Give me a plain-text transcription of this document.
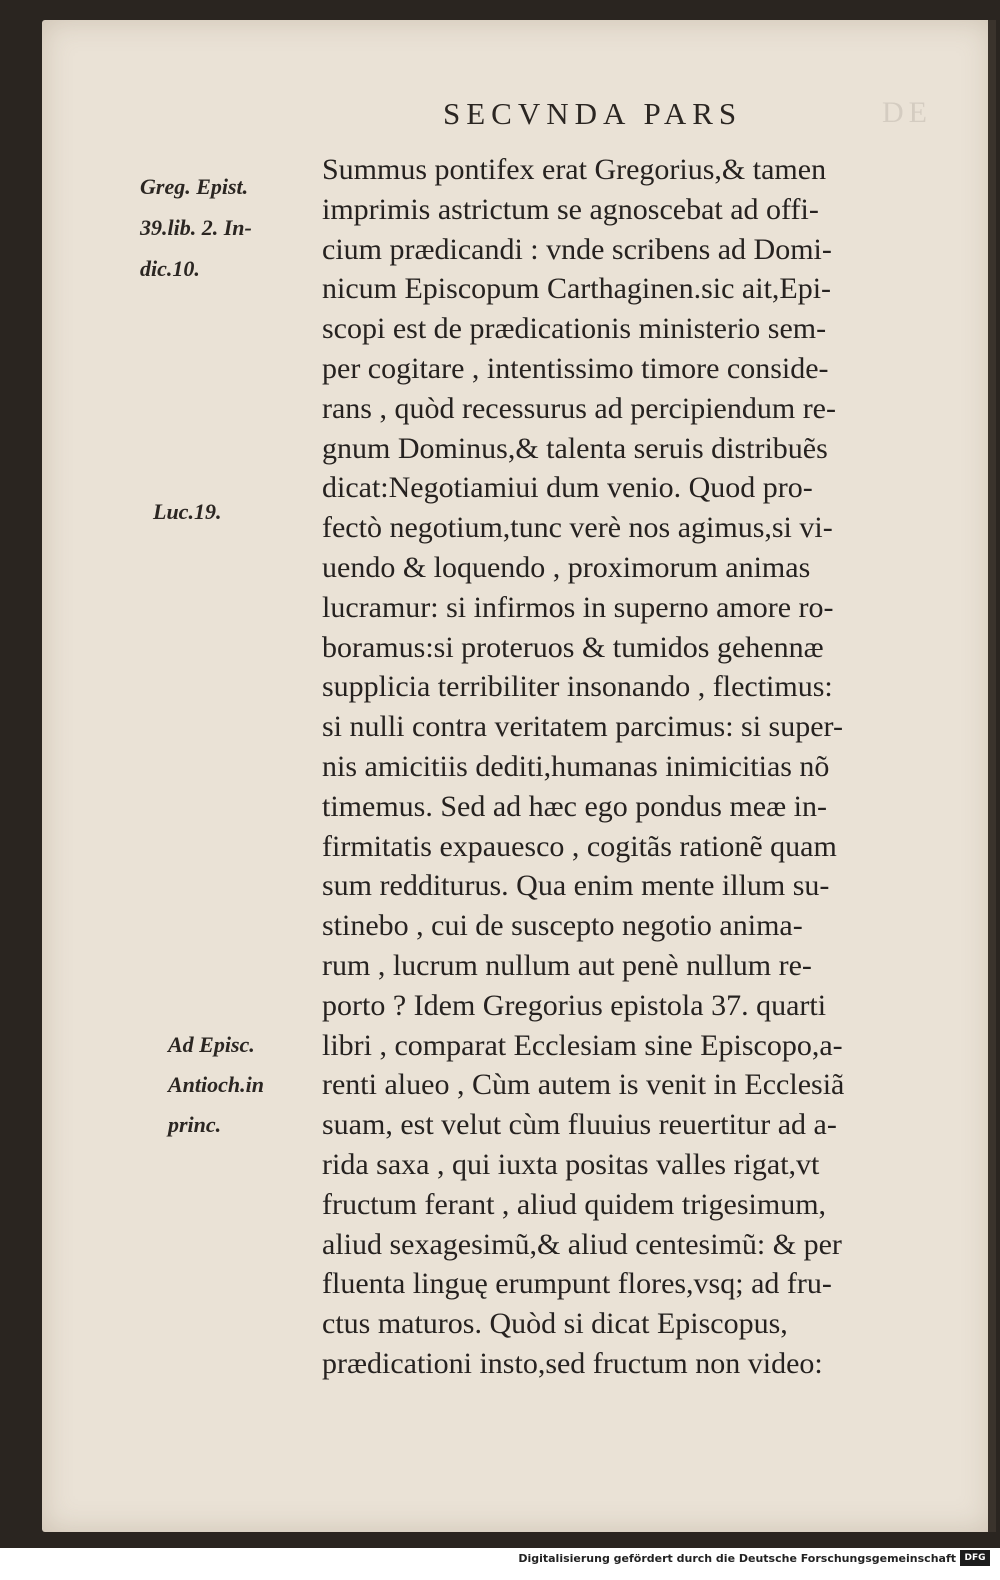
SECVNDA PARS	DE
Greg. Epist.
39.lib. 2. In-
dic.10.
Luc.19.
Ad Episc.
Antioch.in
princ.
Summus pontifex erat Gregorius,& tamen
imprimis astrictum se agnoscebat ad offi-
cium prædicandi : vnde scribens ad Domi-
nicum Episcopum Carthaginen.sic ait,Epi-
scopi est de prædicationis ministerio sem-
per cogitare , intentissimo timore conside-
rans , quòd recessurus ad percipiendum re-
gnum Dominus,& talenta seruis distribuẽs
dicat:Negotiamiui dum venio. Quod pro-
fectò negotium,tunc verè nos agimus,si vi-
uendo & loquendo , proximorum animas
lucramur: si infirmos in superno amore ro-
boramus:si proteruos & tumidos gehennæ
supplicia terribiliter insonando , flectimus:
si nulli contra veritatem parcimus: si super-
nis amicitiis dediti,humanas inimicitias nõ
timemus. Sed ad hæc ego pondus meæ in-
firmitatis expauesco , cogitãs rationẽ quam
sum redditurus. Qua enim mente illum su-
stinebo , cui de suscepto negotio anima-
rum , lucrum nullum aut penè nullum re-
porto ? Idem Gregorius epistola 37. quarti
libri , comparat Ecclesiam sine Episcopo,a-
renti alueo , Cùm autem is venit in Ecclesiã
suam, est velut cùm fluuius reuertitur ad a-
rida saxa , qui iuxta positas valles rigat,vt
fructum ferant , aliud quidem trigesimum,
aliud sexagesimũ,& aliud centesimũ: & per
fluenta linguę erumpunt flores,vsq; ad fru-
ctus maturos. Quòd si dicat Episcopus,
prædicationi insto,sed fructum non video:
Digitalisierung gefördert durch die Deutsche Forschungsgemeinschaft DFG
